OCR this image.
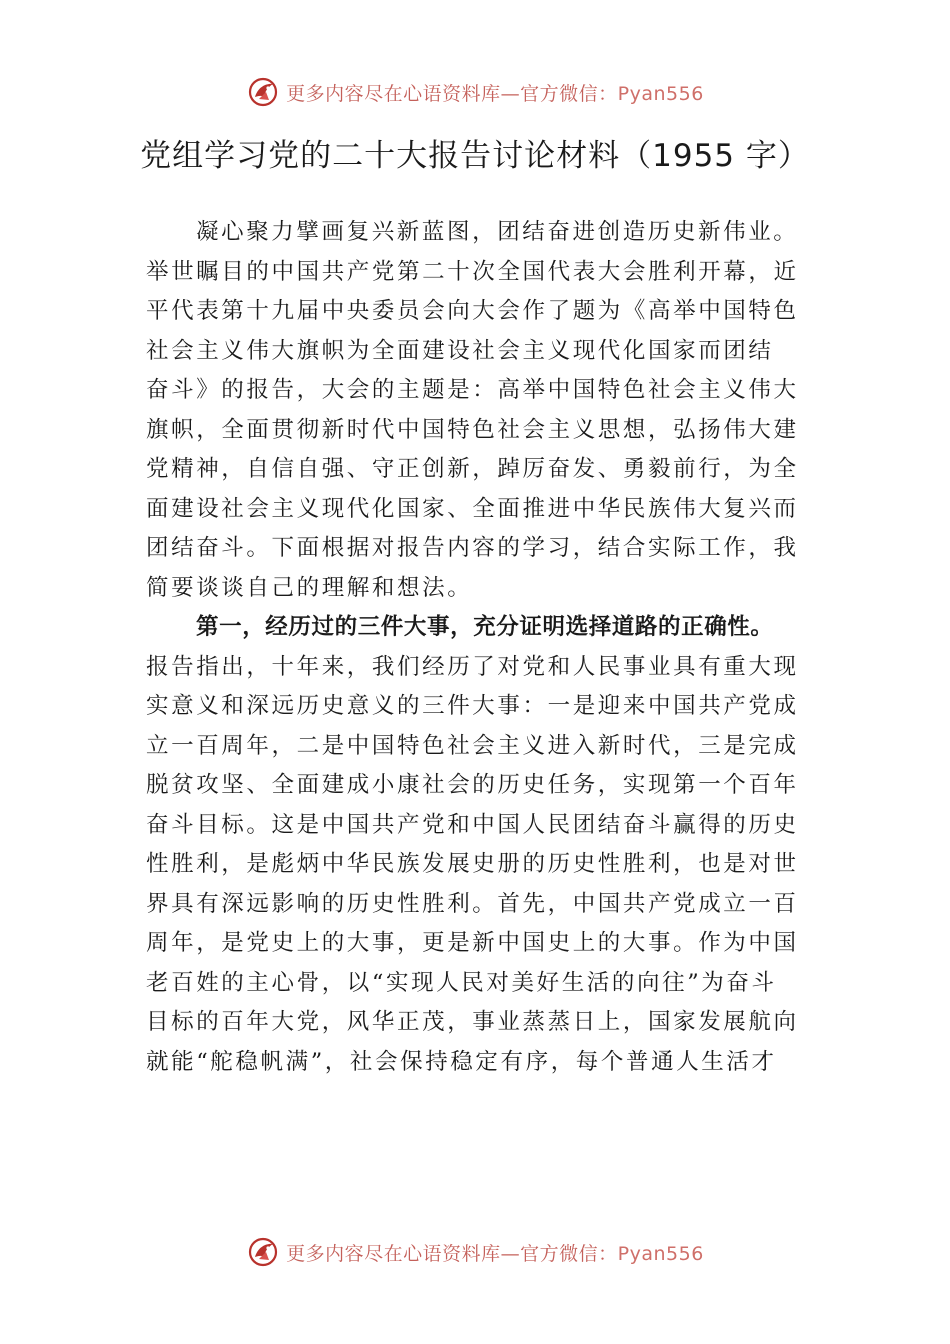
更多内容尽在心语资料库—官方微信：Pyan556
党组学习党的二十大报告讨论材料（1955 字）
凝心聚力擘画复兴新蓝图，团结奋进创造历史新伟业。
举世瞩目的中国共产党第二十次全国代表大会胜利开幕，近
平代表第十九届中央委员会向大会作了题为《高举中国特色
社会主义伟大旗帜为全面建设社会主义现代化国家而团结
奋斗》的报告，大会的主题是：高举中国特色社会主义伟大
旗帜，全面贯彻新时代中国特色社会主义思想，弘扬伟大建
党精神，自信自强、守正创新，踔厉奋发、勇毅前行，为全
面建设社会主义现代化国家、全面推进中华民族伟大复兴而
团结奋斗。下面根据对报告内容的学习，结合实际工作，我
简要谈谈自己的理解和想法。
第一，经历过的三件大事，充分证明选择道路的正确性。
报告指出，十年来，我们经历了对党和人民事业具有重大现
实意义和深远历史意义的三件大事：一是迎来中国共产党成
立一百周年，二是中国特色社会主义进入新时代，三是完成
脱贫攻坚、全面建成小康社会的历史任务，实现第一个百年
奋斗目标。这是中国共产党和中国人民团结奋斗赢得的历史
性胜利，是彪炳中华民族发展史册的历史性胜利，也是对世
界具有深远影响的历史性胜利。首先，中国共产党成立一百
周年，是党史上的大事，更是新中国史上的大事。作为中国
老百姓的主心骨，以“实现人民对美好生活的向往”为奋斗
目标的百年大党，风华正茂，事业蒸蒸日上，国家发展航向
就能“舵稳帆满”，社会保持稳定有序，每个普通人生活才
更多内容尽在心语资料库—官方微信：Pyan556
